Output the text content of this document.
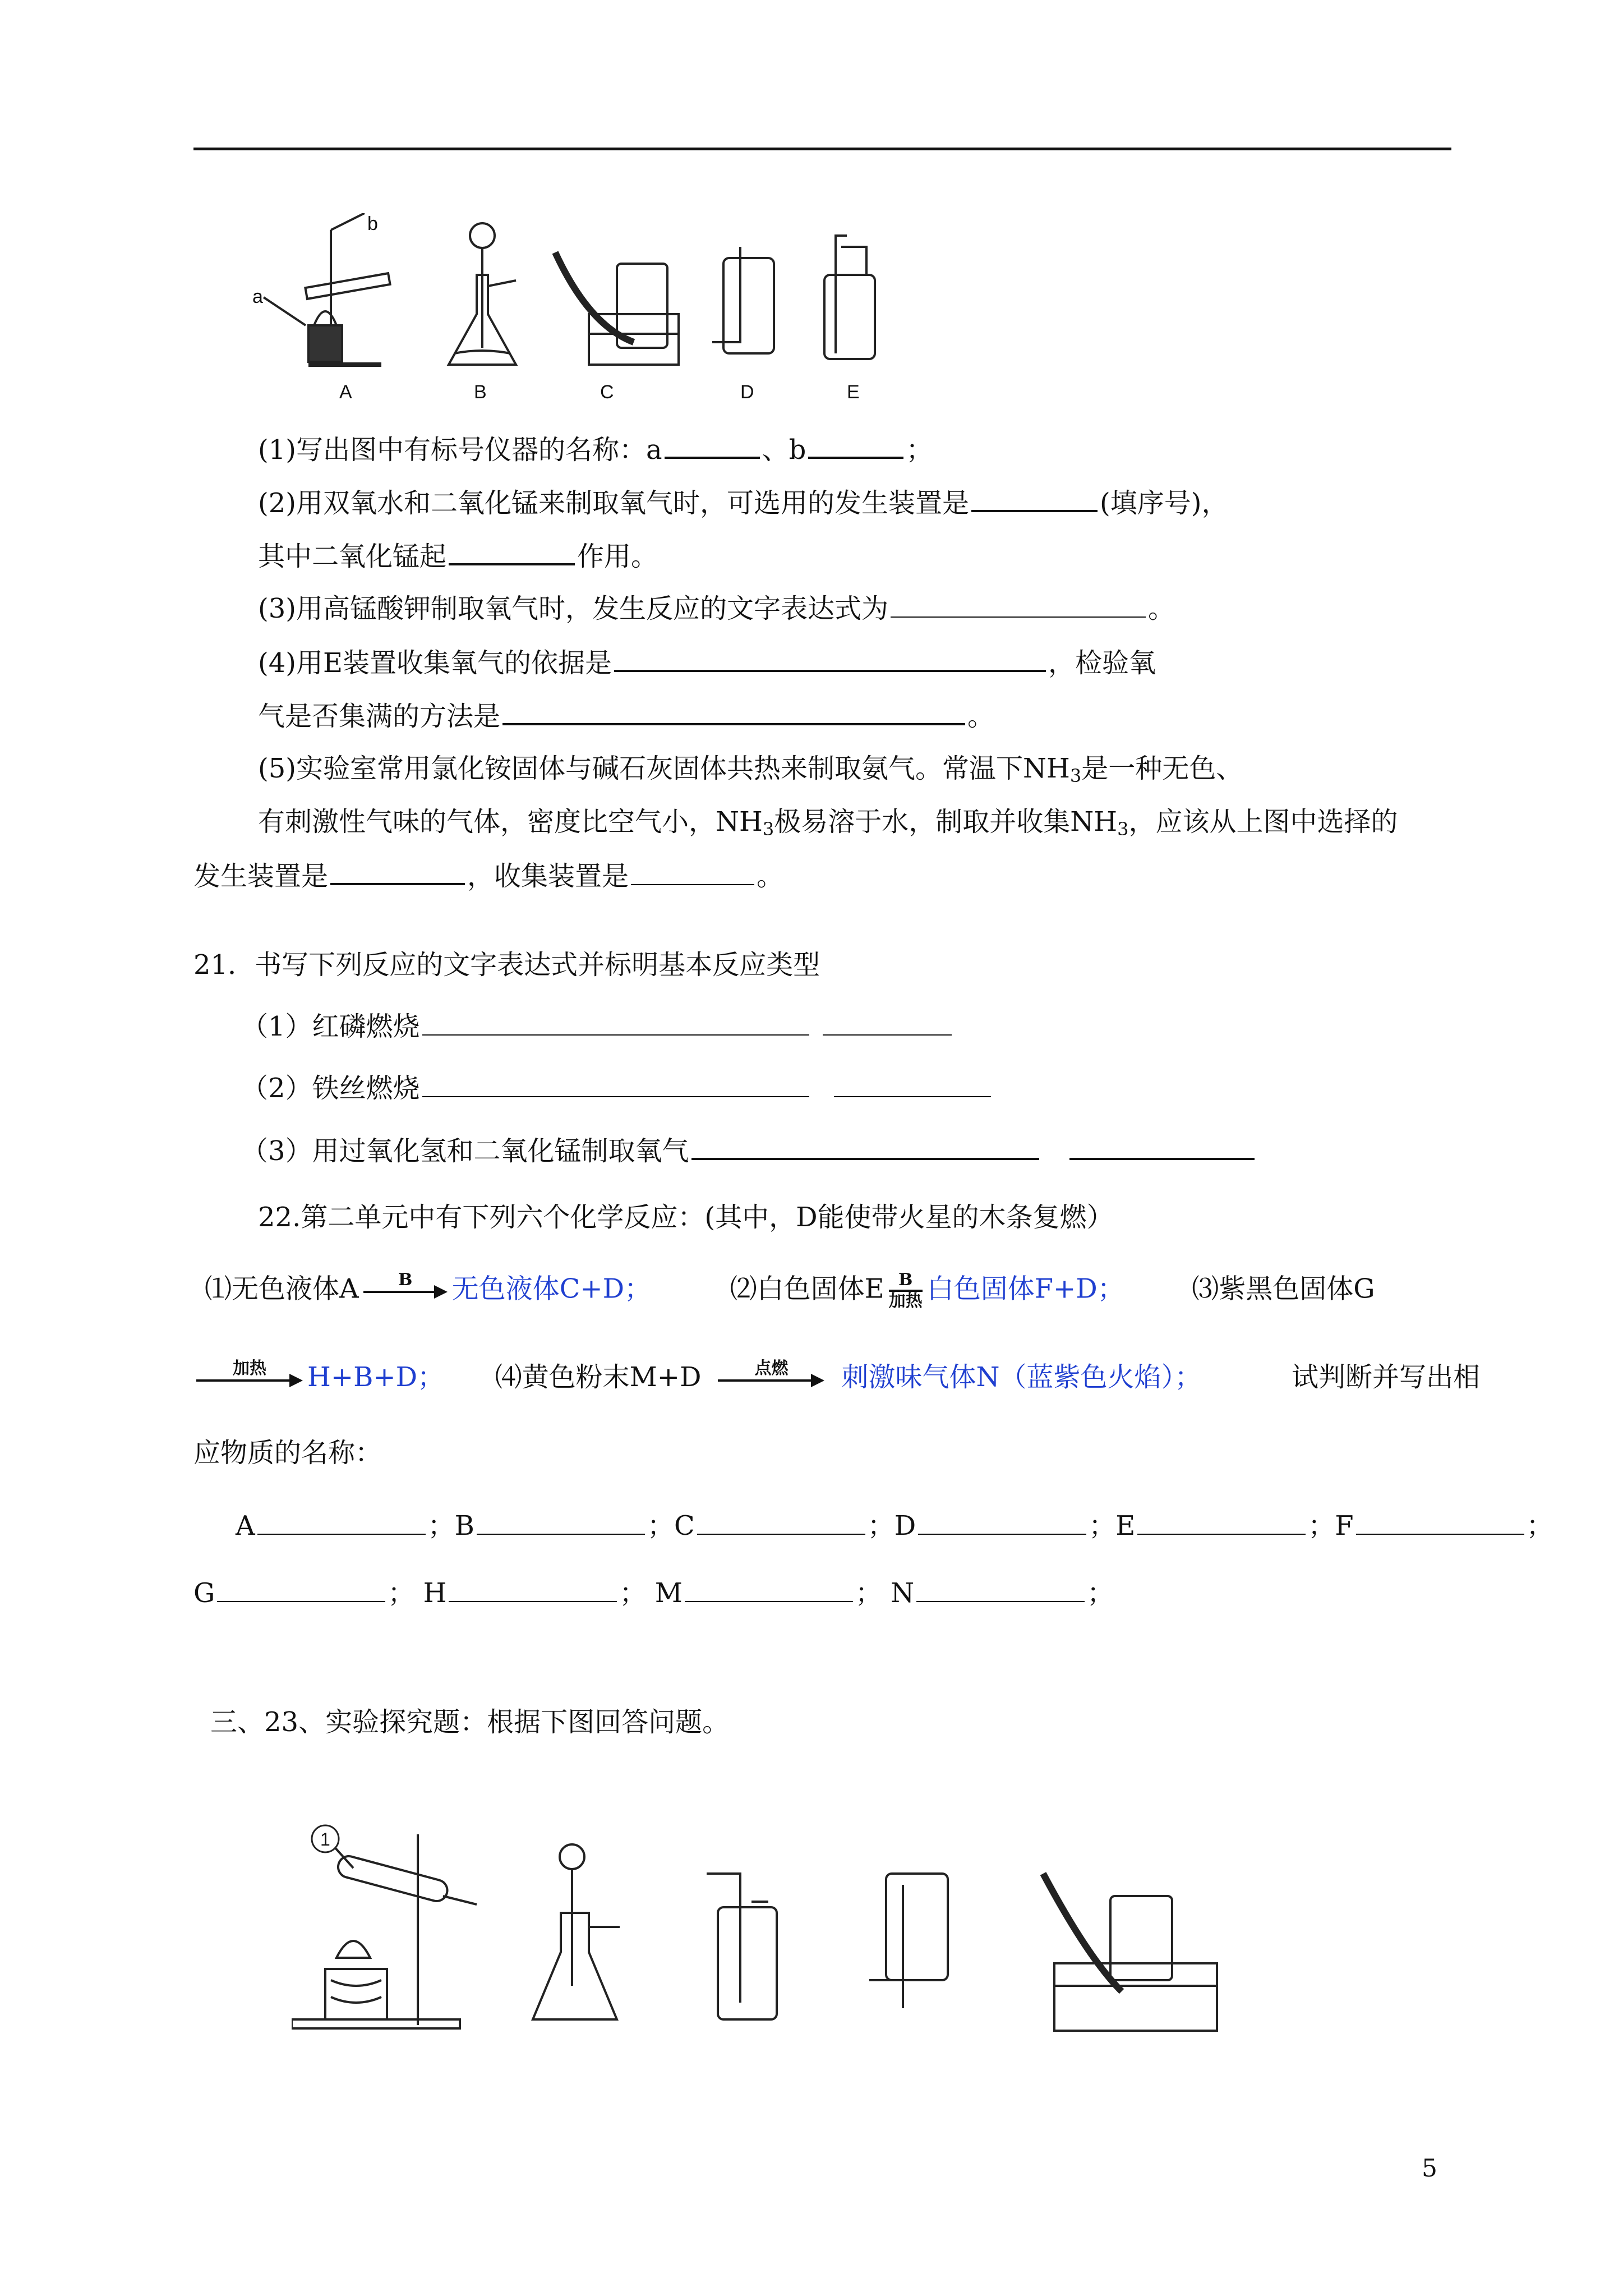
a
b
A	B	C	D	E
(1)写出图中有标号仪器的名称：a	、b	；
(2)用双氧水和二氧化锰来制取氧气时，可选用的发生装置是	(填序号)，
其中二氧化锰起	作用。
(3)用高锰酸钾制取氧气时，发生反应的文字表达式为	。
(4)用E装置收集氧气的依据是	，检验氧
气是否集满的方法是	。
(5)实验室常用氯化铵固体与碱石灰固体共热来制取氨气。常温下$NH_3$是一种无色、
有刺激性气味的气体，密度比空气小，$NH_3$极易溶于水，制取并收集$NH_3$，应该从上图中选择的
发生装置是	，收集装置是	。
21．书写下列反应的文字表达式并标明基本反应类型
（1）红磷燃烧
（2）铁丝燃烧
（3）用过氧化氢和二氧化锰制取氧气
22.第二单元中有下列六个化学反应：(其中，D能使带火星的木条复燃）
⑴无色液体A	B	无色液体C+D；	⑵白色固体E $\frac{B}{\text{加热}}$ 白色固体F+D；	⑶紫黑色固体G
加热	H+B+D； ⑷黄色粉末M+D	点燃	刺激味气体N（蓝紫色火焰）；	试判断并写出相
应物质的名称：
A	；B	；C	；D	；E	；F	；
G	； H	； M	； N	；
三、23、实验探究题：根据下图回答问题。
1
5
